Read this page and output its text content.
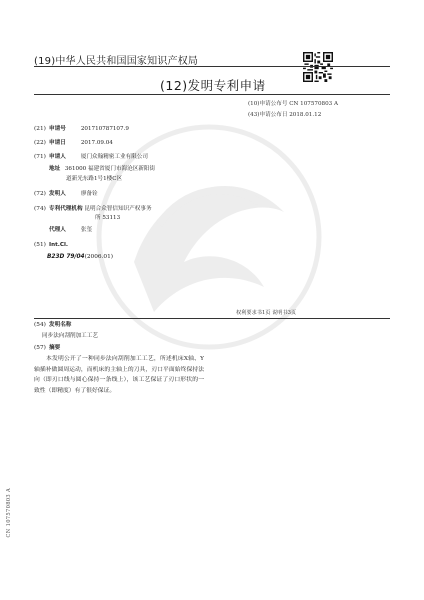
(19)中华人民共和国国家知识产权局
(12)发明专利申请
(10)申请公布号 CN 107570803 A
(43)申请公布日 2018.01.12
(21) 申请号	201710787107.9
(22) 申请日	2017.09.04
(71) 申请人	厦门众翰精密工业有限公司
地址 361000 福建省厦门市海沧区新阳街
道新光东路1号1楼C区
(72) 发明人	廖备铨
(74) 专利代理机构 昆明合众智信知识产权事务
所 53113
代理人	张玺
(51) Int.Cl.
B23D 79/04(2006.01)
权利要求书1页 说明书3页
(54) 发明名称
同步法向刮削加工工艺
(57) 摘要

本发明公开了一种同步法向刮削加工工艺，所述机床X轴、Y轴插补做圆周运动，而机床的主轴上的刀具，刃口平面始终保持法向（即刃口线与圆心保持一条线上），该工艺保证了刃口形状的一致性（即精度）有了很好保证。

CN 107570803 A
